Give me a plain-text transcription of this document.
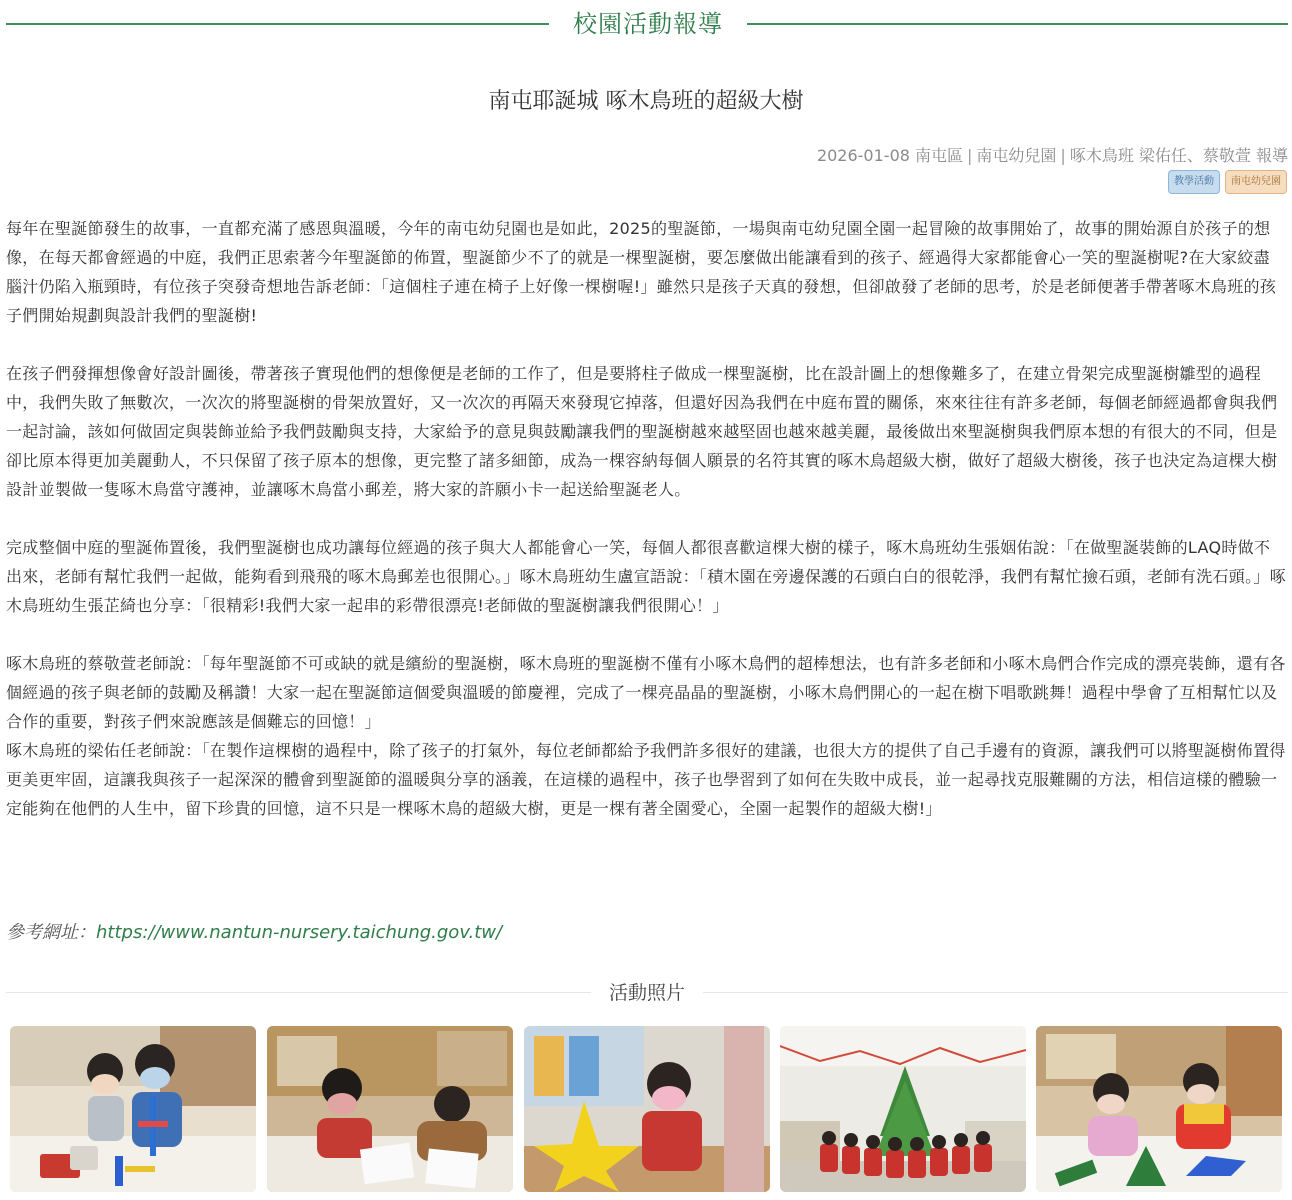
校園活動報導
南屯耶誕城 啄木鳥班的超級大樹
2026-01-08 南屯區 | 南屯幼兒園 | 啄木鳥班 梁佑任、蔡敬萱 報導
教學活動	南屯幼兒園

每年在聖誕節發生的故事，一直都充滿了感恩與溫暖，今年的南屯幼兒園也是如此，2025的聖誕節，一場與南屯幼兒園全園一起冒險的故事開始了，故事的開始源自於孩子的想像，在每天都會經過的中庭，我們正思索著今年聖誕節的佈置，聖誕節少不了的就是一棵聖誕樹，要怎麼做出能讓看到的孩子、經過得大家都能會心一笑的聖誕樹呢?在大家絞盡腦汁仍陷入瓶頸時，有位孩子突發奇想地告訴老師：「這個柱子連在椅子上好像一棵樹喔!」雖然只是孩子天真的發想，但卻啟發了老師的思考，於是老師便著手帶著啄木鳥班的孩子們開始規劃與設計我們的聖誕樹!

在孩子們發揮想像會好設計圖後，帶著孩子實現他們的想像便是老師的工作了，但是要將柱子做成一棵聖誕樹，比在設計圖上的想像難多了，在建立骨架完成聖誕樹雛型的過程中，我們失敗了無數次，一次次的將聖誕樹的骨架放置好，又一次次的再隔天來發現它掉落，但還好因為我們在中庭布置的關係，來來往往有許多老師，每個老師經過都會與我們一起討論，該如何做固定與裝飾並給予我們鼓勵與支持，大家給予的意見與鼓勵讓我們的聖誕樹越來越堅固也越來越美麗，最後做出來聖誕樹與我們原本想的有很大的不同，但是卻比原本得更加美麗動人，不只保留了孩子原本的想像，更完整了諸多細節，成為一棵容納每個人願景的名符其實的啄木鳥超級大樹，做好了超級大樹後，孩子也決定為這棵大樹設計並製做一隻啄木鳥當守護神，並讓啄木鳥當小郵差，將大家的許願小卡一起送給聖誕老人。

完成整個中庭的聖誕佈置後，我們聖誕樹也成功讓每位經過的孩子與大人都能會心一笑，每個人都很喜歡這棵大樹的樣子，啄木鳥班幼生張姻佑說：「在做聖誕裝飾的LAQ時做不出來，老師有幫忙我們一起做，能夠看到飛飛的啄木鳥郵差也很開心。」啄木鳥班幼生盧宣語說：「積木園在旁邊保護的石頭白白的很乾淨，我們有幫忙撿石頭，老師有洗石頭。」啄木鳥班幼生張芷綺也分享：「很精彩!我們大家一起串的彩帶很漂亮!老師做的聖誕樹讓我們很開心！」

啄木鳥班的蔡敬萱老師說：「每年聖誕節不可或缺的就是繽紛的聖誕樹，啄木鳥班的聖誕樹不僅有小啄木鳥們的超棒想法，也有許多老師和小啄木鳥們合作完成的漂亮裝飾，還有各個經過的孩子與老師的鼓勵及稱讚！大家一起在聖誕節這個愛與溫暖的節慶裡，完成了一棵亮晶晶的聖誕樹，小啄木鳥們開心的一起在樹下唱歌跳舞！過程中學會了互相幫忙以及合作的重要，對孩子們來說應該是個難忘的回憶！」

啄木鳥班的梁佑任老師說：「在製作這棵樹的過程中，除了孩子的打氣外，每位老師都給予我們許多很好的建議，也很大方的提供了自己手邊有的資源，讓我們可以將聖誕樹佈置得更美更牢固，這讓我與孩子一起深深的體會到聖誕節的溫暖與分享的涵義，在這樣的過程中，孩子也學習到了如何在失敗中成長，並一起尋找克服難關的方法，相信這樣的體驗一定能夠在他們的人生中，留下珍貴的回憶，這不只是一棵啄木鳥的超級大樹，更是一棵有著全園愛心，全園一起製作的超級大樹!」

參考網址：https://www.nantun-nursery.taichung.gov.tw/
活動照片
